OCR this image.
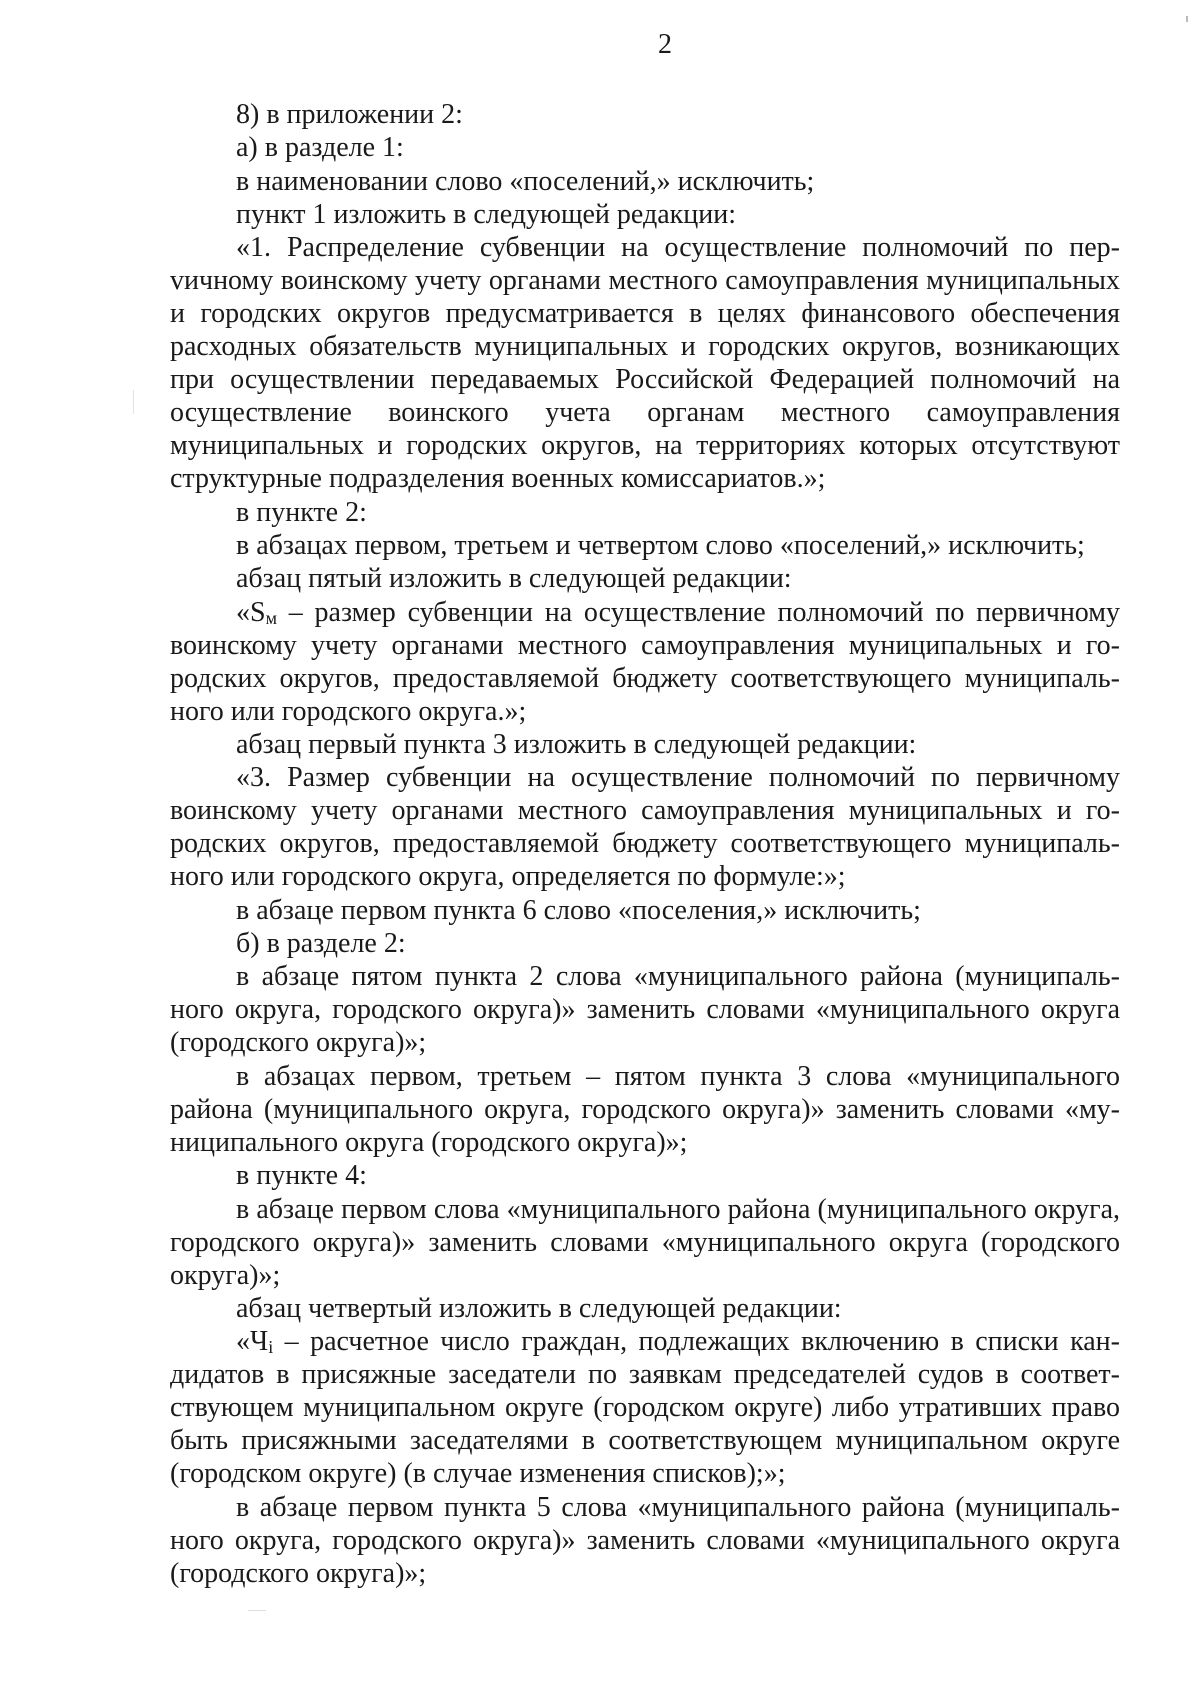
2

8) в приложении 2:

а) в разделе 1:

в наименовании слово «поселений,» исключить;

пункт 1 изложить в следующей редакции:

«1. Распределение субвенции на осуществление полномочий по перvичному воинскому учету органами местного самоуправления муниципальных и городских округов предусматривается в целях финансового обеспечения расходных обязательств муниципальных и городских округов, возникающих при осуществлении передаваемых Российской Федерацией полномочий на осуществление воинского учета органам местного самоуправления муниципальных и городских округов, на территориях которых отсутствуют структурные подразделения военных комиссариатов.»;

в пункте 2:

в абзацах первом, третьем и четвертом слово «поселений,» исключить;

абзац пятый изложить в следующей редакции:

«$S_м$ – размер субвенции на осуществление полномочий по первичному воинскому учету органами местного самоуправления муниципальных и городских округов, предоставляемой бюджету соответствующего муниципального или городского округа.»;

абзац первый пункта 3 изложить в следующей редакции:

«3. Размер субвенции на осуществление полномочий по первичному воинскому учету органами местного самоуправления муниципальных и городских округов, предоставляемой бюджету соответствующего муниципального или городского округа, определяется по формуле:»;

в абзаце первом пункта 6 слово «поселения,» исключить;

б) в разделе 2:

в абзаце пятом пункта 2 слова «муниципального района (муниципального округа, городского округа)» заменить словами «муниципального округа (городского округа)»;

в абзацах первом, третьем – пятом пункта 3 слова «муниципального района (муниципального округа, городского округа)» заменить словами «муниципального округа (городского округа)»;

в пункте 4:

в абзаце первом слова «муниципального района (муниципального округа, городского округа)» заменить словами «муниципального округа (городского округа)»;

абзац четвертый изложить в следующей редакции:

«$Ч_i$ – расчетное число граждан, подлежащих включению в списки кандидатов в присяжные заседатели по заявкам председателей судов в соответствующем муниципальном округе (городском округе) либо утративших право быть присяжными заседателями в соответствующем муниципальном округе (городском округе) (в случае изменения списков);»;

в абзаце первом пункта 5 слова «муниципального района (муниципального округа, городского округа)» заменить словами «муниципального округа (городского округа)»;
